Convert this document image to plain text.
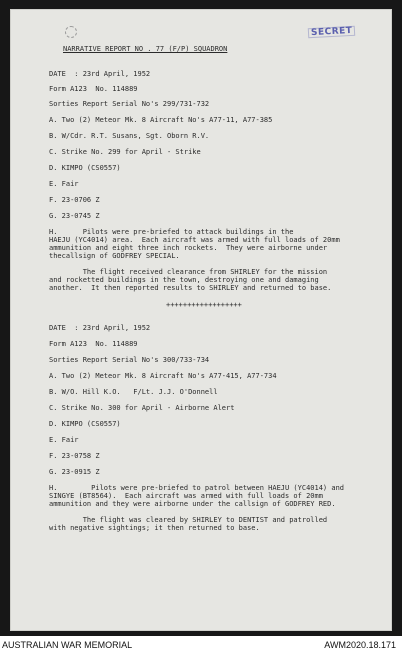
SECRET
NARRATIVE REPORT NO . 77 (F/P) SQUADRON
DATE  : 23rd April, 1952
Form A123  No. 114889
Sorties Report Serial No's 299/731-732
A. Two (2) Meteor Mk. 8 Aircraft No's A77-11, A77-385
B. W/Cdr. R.T. Susans, Sgt. Oborn R.V.
C. Strike No. 299 for April - Strike
D. KIMPO (CS0557)
E. Fair
F. 23-0706 Z
G. 23-0745 Z
H.      Pilots were pre-briefed to attack buildings in the
HAEJU (YC4014) area.  Each aircraft was armed with full loads of 20mm
ammunition and eight three inch rockets.  They were airborne under
thecallsign of GODFREY SPECIAL.
The flight received clearance from SHIRLEY for the mission
and rocketted buildings in the town, destroying one and damaging
another.  It then reported results to SHIRLEY and returned to base.
++++++++++++++++++
DATE  : 23rd April, 1952
Form A123  No. 114889
Sorties Report Serial No's 300/733-734
A. Two (2) Meteor Mk. 8 Aircraft No's A77-415, A77-734
B. W/O. Hill K.O.   F/Lt. J.J. O'Donnell
C. Strike No. 300 for April - Airborne Alert
D. KIMPO (CS0557)
E. Fair
F. 23-0758 Z
G. 23-0915 Z
H.        Pilots were pre-briefed to patrol between HAEJU (YC4014) and
SINGYE (BT8564).  Each aircraft was armed with full loads of 20mm
ammunition and they were airborne under the callsign of GODFREY RED.
The flight was cleared by SHIRLEY to DENTIST and patrolled
with negative sightings; it then returned to base.
AUSTRALIAN WAR MEMORIAL	AWM2020.18.171
